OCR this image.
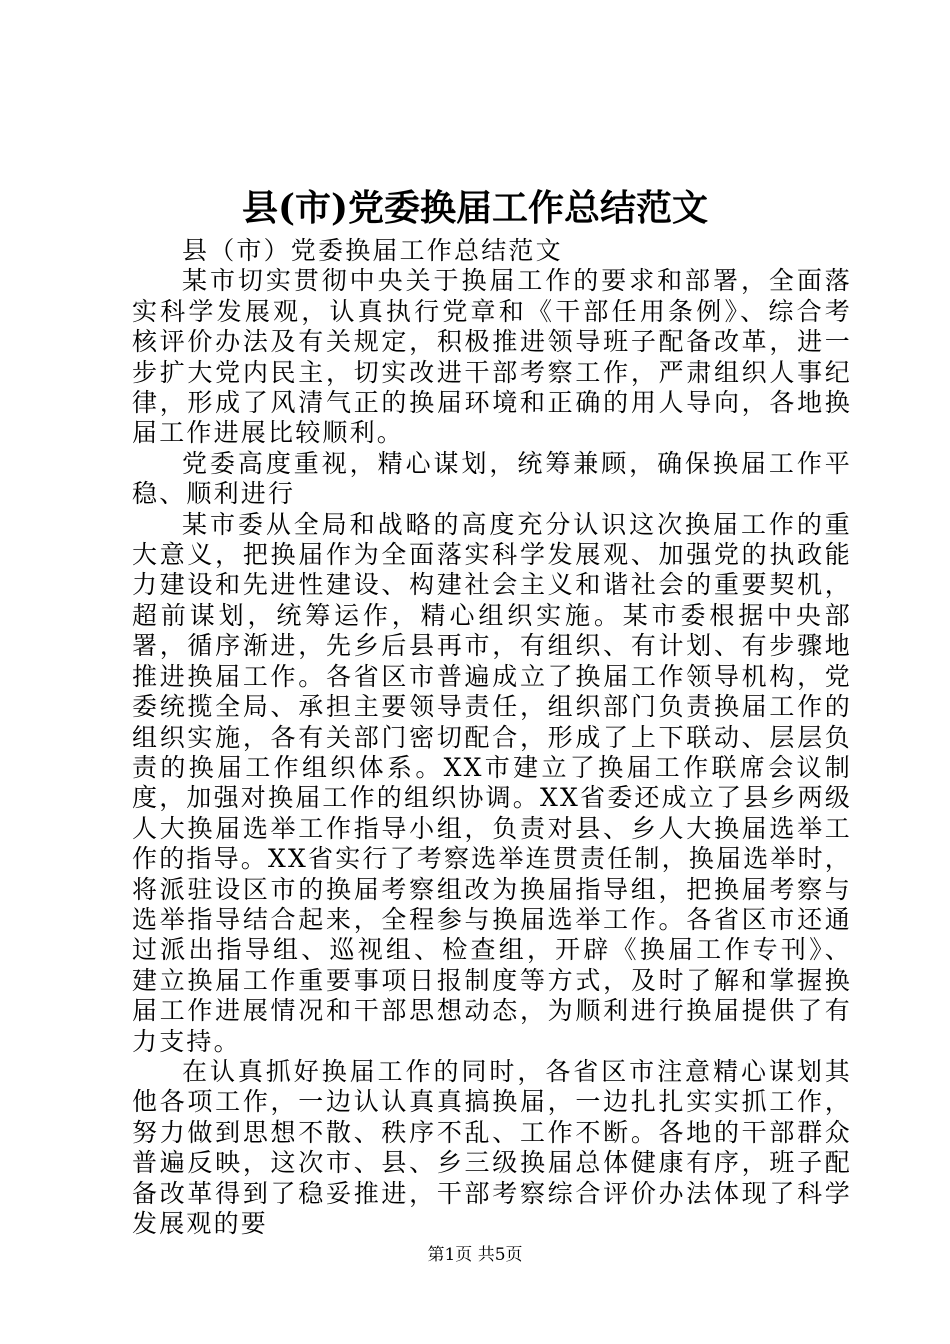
县(市)党委换届工作总结范文

县（市）党委换届工作总结范文

某市切实贯彻中央关于换届工作的要求和部署，全面落实科学发展观，认真执行党章和《干部任用条例》、综合考核评价办法及有关规定，积极推进领导班子配备改革，进一步扩大党内民主，切实改进干部考察工作，严肃组织人事纪律，形成了风清气正的换届环境和正确的用人导向，各地换届工作进展比较顺利。

党委高度重视，精心谋划，统筹兼顾，确保换届工作平稳、顺利进行

某市委从全局和战略的高度充分认识这次换届工作的重大意义，把换届作为全面落实科学发展观、加强党的执政能力建设和先进性建设、构建社会主义和谐社会的重要契机，超前谋划，统筹运作，精心组织实施。某市委根据中央部署，循序渐进，先乡后县再市，有组织、有计划、有步骤地推进换届工作。各省区市普遍成立了换届工作领导机构，党委统揽全局、承担主要领导责任，组织部门负责换届工作的组织实施，各有关部门密切配合，形成了上下联动、层层负责的换届工作组织体系。XX市建立了换届工作联席会议制度，加强对换届工作的组织协调。XX省委还成立了县乡两级人大换届选举工作指导小组，负责对县、乡人大换届选举工作的指导。XX省实行了考察选举连贯责任制，换届选举时，将派驻设区市的换届考察组改为换届指导组，把换届考察与选举指导结合起来，全程参与换届选举工作。各省区市还通过派出指导组、巡视组、检查组，开辟《换届工作专刊》、建立换届工作重要事项日报制度等方式，及时了解和掌握换届工作进展情况和干部思想动态，为顺利进行换届提供了有力支持。

在认真抓好换届工作的同时，各省区市注意精心谋划其他各项工作，一边认认真真搞换届，一边扎扎实实抓工作，努力做到思想不散、秩序不乱、工作不断。各地的干部群众普遍反映，这次市、县、乡三级换届总体健康有序，班子配备改革得到了稳妥推进，干部考察综合评价办法体现了科学发展观的要

第1页 共5页
